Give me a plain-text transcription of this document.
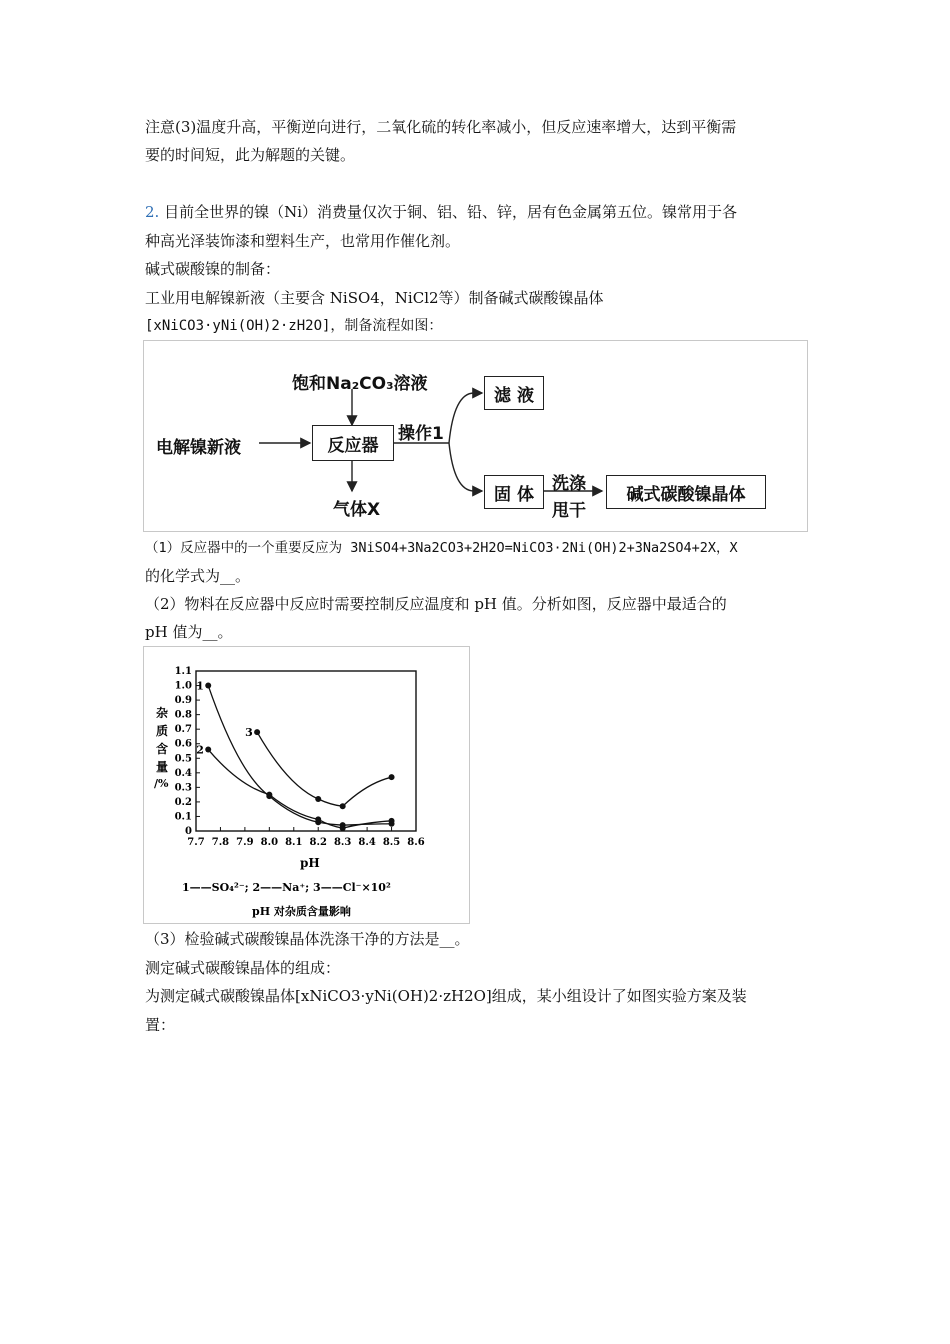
注意(3)温度升高，平衡逆向进行，二氧化硫的转化率减小，但反应速率增大，达到平衡需
要的时间短，此为解题的关键。
2. 目前全世界的镍（Ni）消费量仅次于铜、铝、铅、锌，居有色金属第五位。镍常用于各
种高光泽装饰漆和塑料生产，也常用作催化剂。
碱式碳酸镍的制备：
工业用电解镍新液（主要含 NiSO4，NiCl2等）制备碱式碳酸镍晶体
[xNiCO3·yNi(OH)2·zH2O]，制备流程如图：
饱和Na₂CO₃溶液
电解镍新液	反应器
操作1
气体X
滤 液
固 体
洗涤
甩干
碱式碳酸镍晶体
（1）反应器中的一个重要反应为 3NiSO4+3Na2CO3+2H2O=NiCO3·2Ni(OH)2+3Na2SO4+2X，X
的化学式为__。
（2）物料在反应器中反应时需要控制反应温度和 pH 值。分析如图，反应器中最适合的
pH 值为__。
7.7 7.8 7.9 8.0 8.1 8.2 8.3 8.4 8.5 8.6
0
0.1
0.2
0.3
0.4
0.5
0.6
0.7
0.8
0.9
1.0
1.1
1
2
3
杂
质
含
量
/%
pH
1——SO₄²⁻; 2——Na⁺; 3——Cl⁻×10²
pH 对杂质含量影响
（3）检验碱式碳酸镍晶体洗涤干净的方法是__。
测定碱式碳酸镍晶体的组成：
为测定碱式碳酸镍晶体[xNiCO3·yNi(OH)2·zH2O]组成，某小组设计了如图实验方案及装
置：
